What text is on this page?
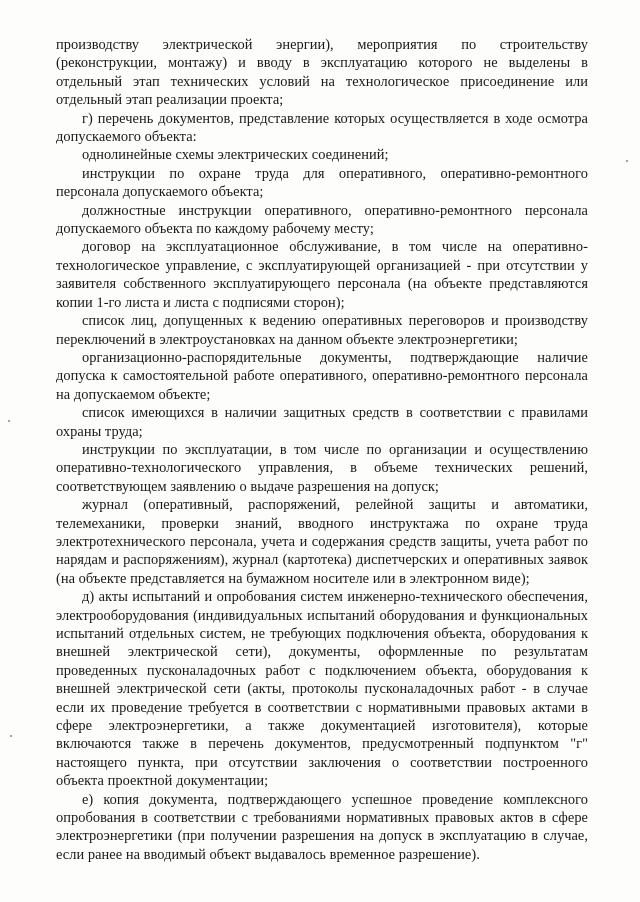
производству электрической энергии), мероприятия по строительству (реконструкции, монтажу) и вводу в эксплуатацию которого не выделены в отдельный этап технических условий на технологическое присоединение или отдельный этап реализации проекта;

г) перечень документов, представление которых осуществляется в ходе осмотра допускаемого объекта:

однолинейные схемы электрических соединений;

инструкции по охране труда для оперативного, оперативно-ремонтного персонала допускаемого объекта;

должностные инструкции оперативного, оперативно-ремонтного персонала допускаемого объекта по каждому рабочему месту;

договор на эксплуатационное обслуживание, в том числе на оперативно-технологическое управление, с эксплуатирующей организацией - при отсутствии у заявителя собственного эксплуатирующего персонала (на объекте представляются копии 1-го листа и листа с подписями сторон);

список лиц, допущенных к ведению оперативных переговоров и производству переключений в электроустановках на данном объекте электроэнергетики;

организационно-распорядительные документы, подтверждающие наличие допуска к самостоятельной работе оперативного, оперативно-ремонтного персонала на допускаемом объекте;

список имеющихся в наличии защитных средств в соответствии с правилами охраны труда;

инструкции по эксплуатации, в том числе по организации и осуществлению оперативно-технологического управления, в объеме технических решений, соответствующем заявлению о выдаче разрешения на допуск;

журнал (оперативный, распоряжений, релейной защиты и автоматики, телемеханики, проверки знаний, вводного инструктажа по охране труда электротехнического персонала, учета и содержания средств защиты, учета работ по нарядам и распоряжениям), журнал (картотека) диспетчерских и оперативных заявок (на объекте представляется на бумажном носителе или в электронном виде);

д) акты испытаний и опробования систем инженерно-технического обеспечения, электрооборудования (индивидуальных испытаний оборудования и функциональных испытаний отдельных систем, не требующих подключения объекта, оборудования к внешней электрической сети), документы, оформленные по результатам проведенных пусконаладочных работ с подключением объекта, оборудования к внешней электрической сети (акты, протоколы пусконаладочных работ - в случае если их проведение требуется в соответствии с нормативными правовых актами в сфере электроэнергетики, а также документацией изготовителя), которые включаются также в перечень документов, предусмотренный подпунктом "г" настоящего пункта, при отсутствии заключения о соответствии построенного объекта проектной документации;

е) копия документа, подтверждающего успешное проведение комплексного опробования в соответствии с требованиями нормативных правовых актов в сфере электроэнергетики (при получении разрешения на допуск в эксплуатацию в случае, если ранее на вводимый объект выдавалось временное разрешение).
